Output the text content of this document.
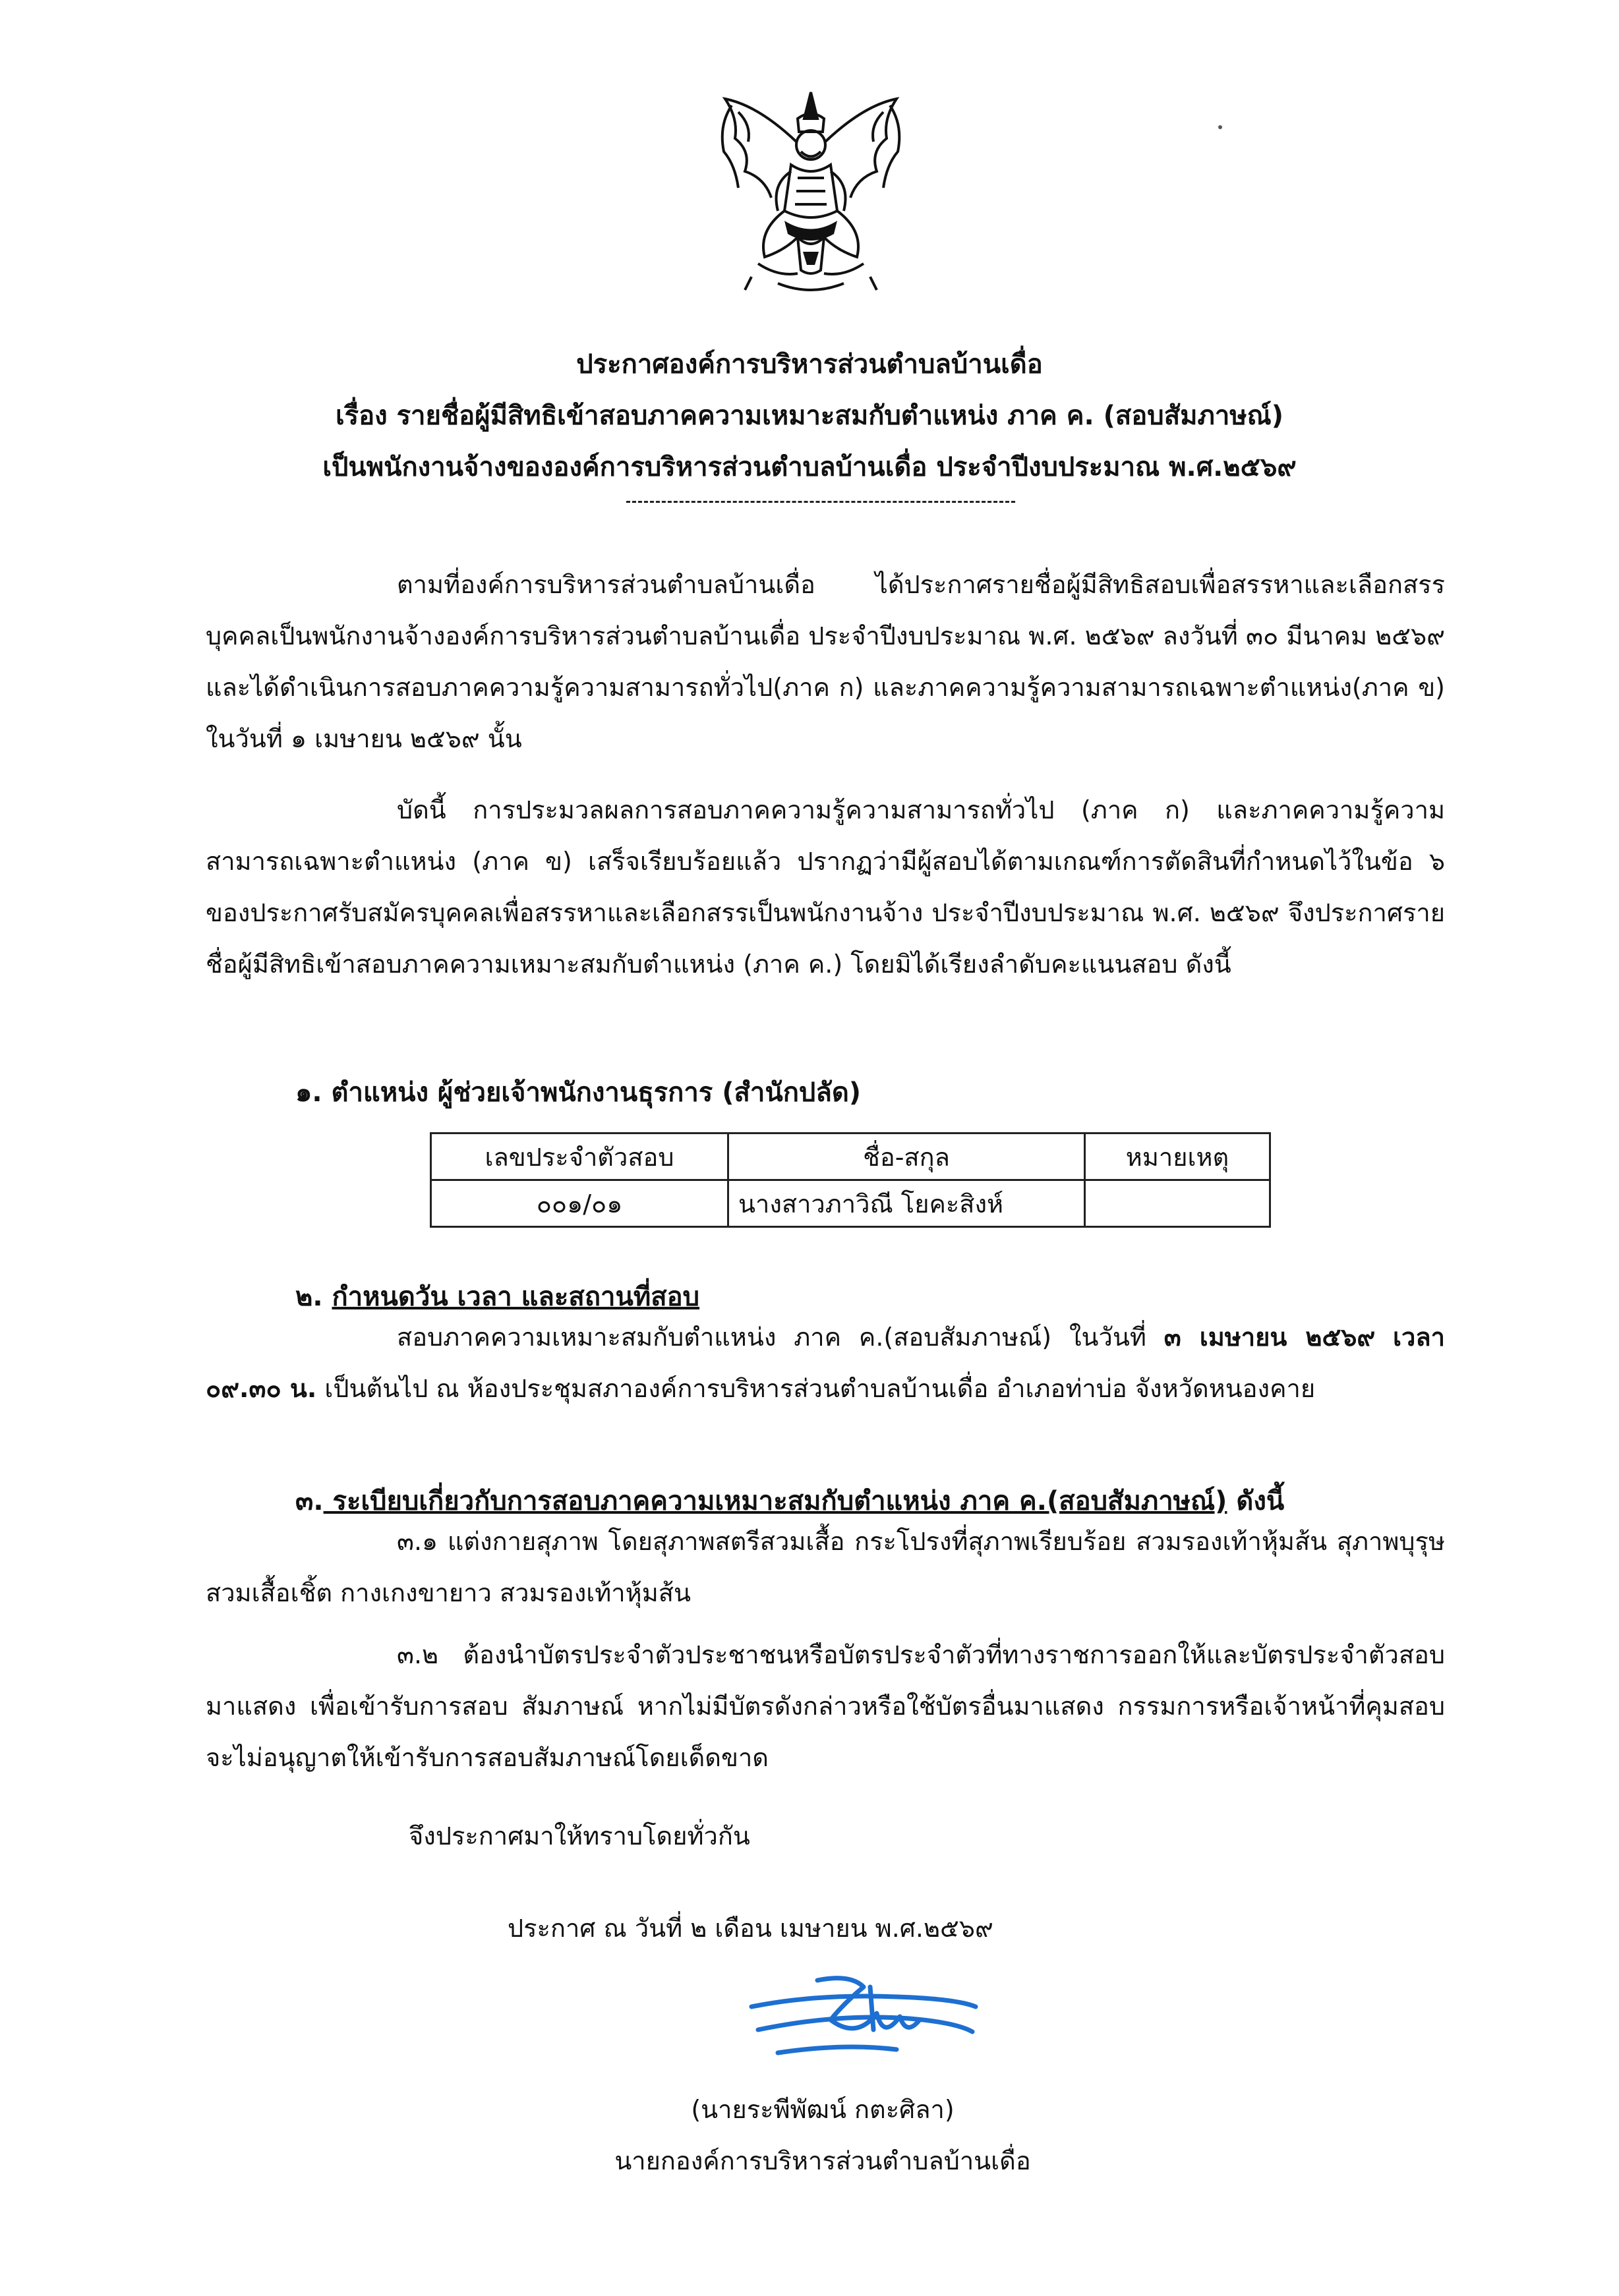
ประกาศองค์การบริหารส่วนตำบลบ้านเดื่อ
เรื่อง รายชื่อผู้มีสิทธิเข้าสอบภาคความเหมาะสมกับตำแหน่ง ภาค ค. (สอบสัมภาษณ์)
เป็นพนักงานจ้างขององค์การบริหารส่วนตำบลบ้านเดื่อ ประจำปีงบประมาณ พ.ศ.๒๕๖๙

ตามที่องค์การบริหารส่วนตำบลบ้านเดื่อ ได้ประกาศรายชื่อผู้มีสิทธิสอบเพื่อสรรหาและเลือกสรรบุคคลเป็นพนักงานจ้างองค์การบริหารส่วนตำบลบ้านเดื่อ ประจำปีงบประมาณ พ.ศ. ๒๕๖๙ ลงวันที่ ๓๐ มีนาคม ๒๕๖๙ และได้ดำเนินการสอบภาคความรู้ความสามารถทั่วไป(ภาค ก) และภาคความรู้ความสามารถเฉพาะตำแหน่ง(ภาค ข) ในวันที่ ๑ เมษายน ๒๕๖๙ นั้น

บัดนี้ การประมวลผลการสอบภาคความรู้ความสามารถทั่วไป (ภาค ก) และภาคความรู้ความสามารถเฉพาะตำแหน่ง (ภาค ข) เสร็จเรียบร้อยแล้ว ปรากฏว่ามีผู้สอบได้ตามเกณฑ์การตัดสินที่กำหนดไว้ในข้อ ๖ ของประกาศรับสมัครบุคคลเพื่อสรรหาและเลือกสรรเป็นพนักงานจ้าง ประจำปีงบประมาณ พ.ศ. ๒๕๖๙ จึงประกาศรายชื่อผู้มีสิทธิเข้าสอบภาคความเหมาะสมกับตำแหน่ง (ภาค ค.) โดยมิได้เรียงลำดับคะแนนสอบ ดังนี้

๑. ตำแหน่ง ผู้ช่วยเจ้าพนักงานธุรการ (สำนักปลัด)
เลขประจำตัวสอบ	ชื่อ-สกุล	หมายเหตุ
๐๐๑/๐๑	นางสาวภาวิณี โยคะสิงห์	
๒. กำหนดวัน เวลา และสถานที่สอบ

สอบภาคความเหมาะสมกับตำแหน่ง ภาค ค.(สอบสัมภาษณ์) ในวันที่ ๓ เมษายน ๒๕๖๙ เวลา ๐๙.๓๐ น. เป็นต้นไป ณ ห้องประชุมสภาองค์การบริหารส่วนตำบลบ้านเดื่อ อำเภอท่าบ่อ จังหวัดหนองคาย

๓. ระเบียบเกี่ยวกับการสอบภาคความเหมาะสมกับตำแหน่ง ภาค ค.(สอบสัมภาษณ์) ดังนี้

๓.๑ แต่งกายสุภาพ โดยสุภาพสตรีสวมเสื้อ กระโปรงที่สุภาพเรียบร้อย สวมรองเท้าหุ้มส้น สุภาพบุรุษสวมเสื้อเชิ้ต กางเกงขายาว สวมรองเท้าหุ้มส้น

๓.๒ ต้องนำบัตรประจำตัวประชาชนหรือบัตรประจำตัวที่ทางราชการออกให้และบัตรประจำตัวสอบมาแสดง เพื่อเข้ารับการสอบ สัมภาษณ์ หากไม่มีบัตรดังกล่าวหรือใช้บัตรอื่นมาแสดง กรรมการหรือเจ้าหน้าที่คุมสอบจะไม่อนุญาตให้เข้ารับการสอบสัมภาษณ์โดยเด็ดขาด

จึงประกาศมาให้ทราบโดยทั่วกัน
ประกาศ ณ วันที่ ๒ เดือน เมษายน พ.ศ.๒๕๖๙
(นายระพีพัฒน์ กตะศิลา)
นายกองค์การบริหารส่วนตำบลบ้านเดื่อ
